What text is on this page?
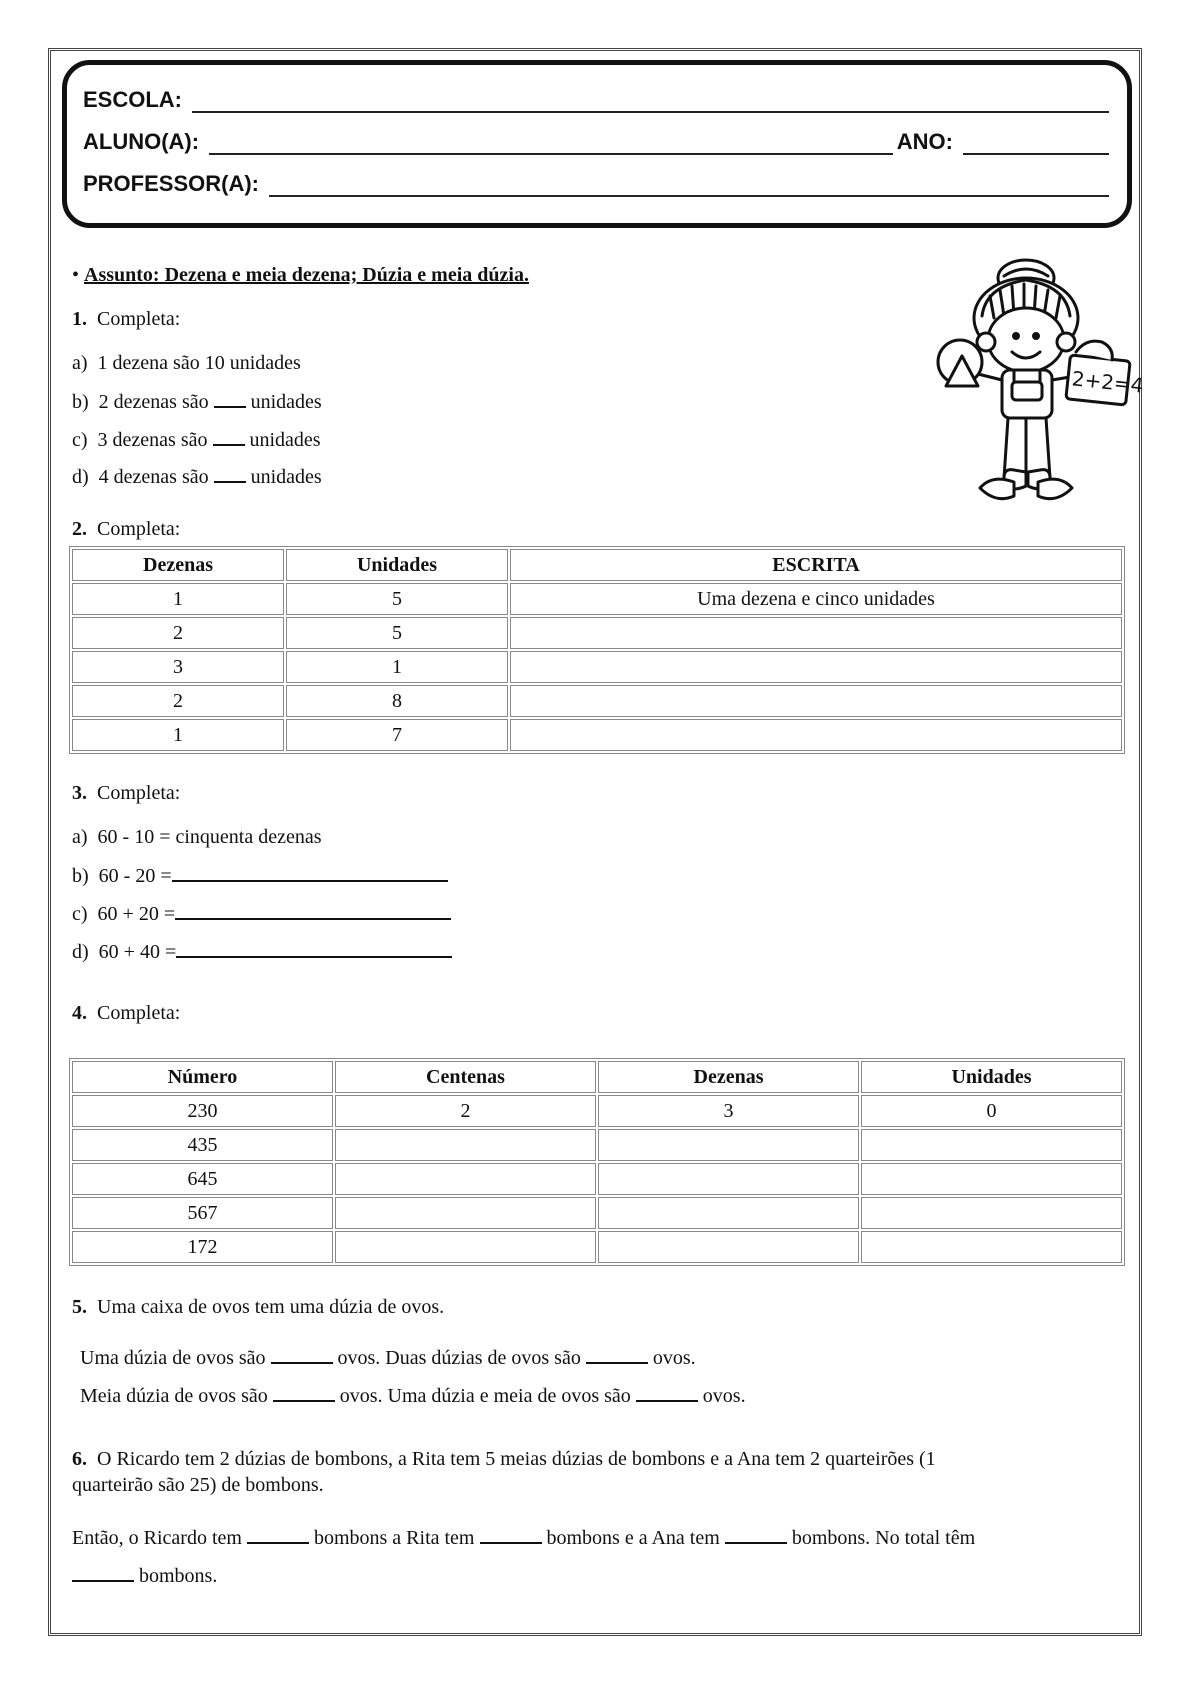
ESCOLA:
ALUNO(A):	ANO:
PROFESSOR(A):
• Assunto: Dezena e meia dezena; Dúzia e meia dúzia.
1. Completa:
a) 1 dezena são 10 unidades
b) 2 dezenas são unidades
c) 3 dezenas são unidades
d) 4 dezenas são unidades
2+2=4
2. Completa:
Dezenas	Unidades	ESCRITA
1	5	Uma dezena e cinco unidades
2	5	
3	1	
2	8	
1	7	
3. Completa:
a) 60 - 10 = cinquenta dezenas
b) 60 - 20 =
c) 60 + 20 =
d) 60 + 40 =
4. Completa:
Número	Centenas	Dezenas	Unidades
230	2	3	0
435			
645			
567			
172			
5. Uma caixa de ovos tem uma dúzia de ovos.
Uma dúzia de ovos são	ovos. Duas dúzias de ovos são	ovos.
Meia dúzia de ovos são	ovos. Uma dúzia e meia de ovos são	ovos.
6. O Ricardo tem 2 dúzias de bombons, a Rita tem 5 meias dúzias de bombons e a Ana tem 2 quarteirões (1
quarteirão são 25) de bombons.
Então, o Ricardo tem	bombons a Rita tem	bombons e a Ana tem	bombons. No total têm
bombons.
